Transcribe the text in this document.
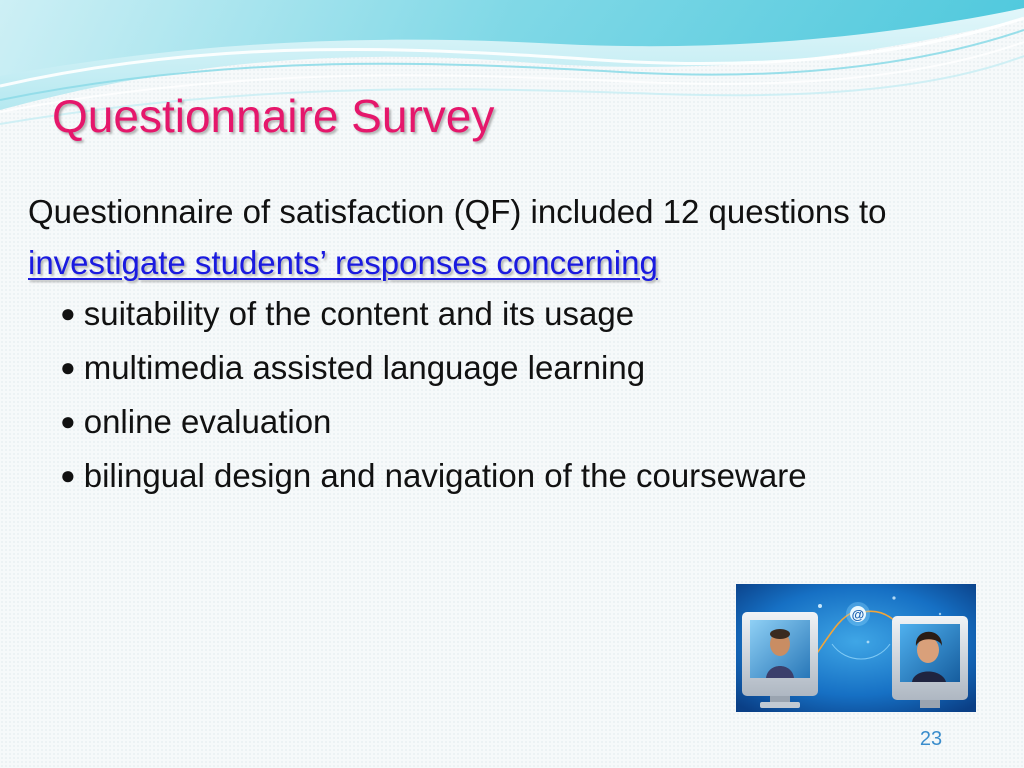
Questionnaire Survey

Questionnaire of satisfaction (QF) included 12 questions to investigate students’ responses concerning

● suitability of the content and its usage
● multimedia assisted language learning
● online evaluation
● bilingual design and navigation of the courseware
@
23
